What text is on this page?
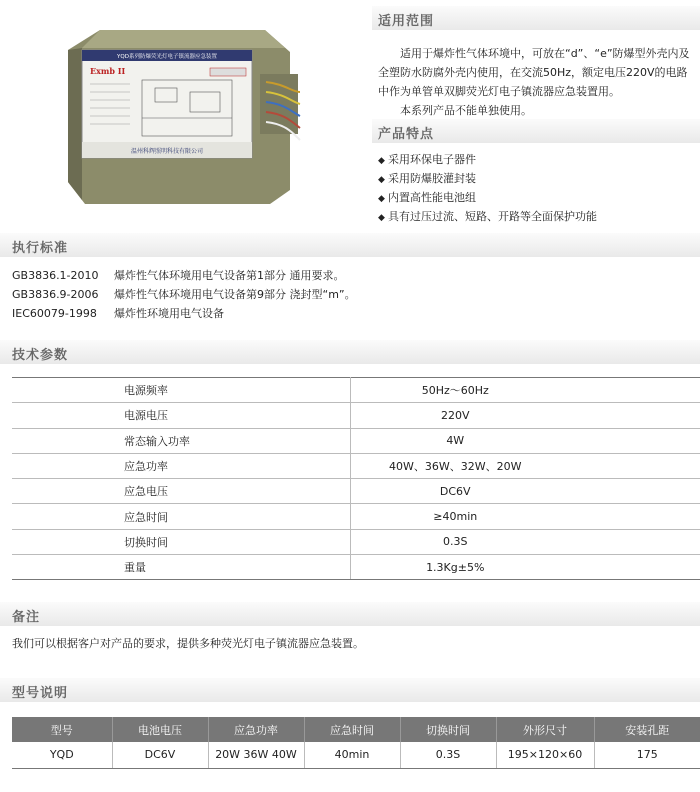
YQD系列防爆荧光灯电子镇流器应急装置
Exmb II
温州科辉照明科技有限公司
适用范围

适用于爆炸性气体环境中，可放在“d”、“e”防爆型外壳内及全塑防水防腐外壳内使用，在交流50Hz，额定电压220V的电路中作为单管单双脚荧光灯电子镇流器应急装置用。

本系列产品不能单独使用。

产品特点
◆ 采用环保电子器件
◆ 采用防爆胶灌封装
◆ 内置高性能电池组
◆ 具有过压过流、短路、开路等全面保护功能
执行标准
GB3836.1-2010	爆炸性气体环境用电气设备第1部分 通用要求。
GB3836.9-2006	爆炸性气体环境用电气设备第9部分 浇封型“m”。
IEC60079-1998	爆炸性环境用电气设备
技术参数
电源频率	50Hz～60Hz
电源电压	220V
常态输入功率	4W
应急功率	40W、36W、32W、20W
应急电压	DC6V
应急时间	≥40min
切换时间	0.3S
重量	1.3Kg±5%
备注
我们可以根据客户对产品的要求，提供多种荧光灯电子镇流器应急装置。
型号说明
型号	电池电压	应急功率	应急时间	切换时间	外形尺寸	安装孔距
YQD	DC6V	20W 36W 40W	40min	0.3S	195×120×60	175
